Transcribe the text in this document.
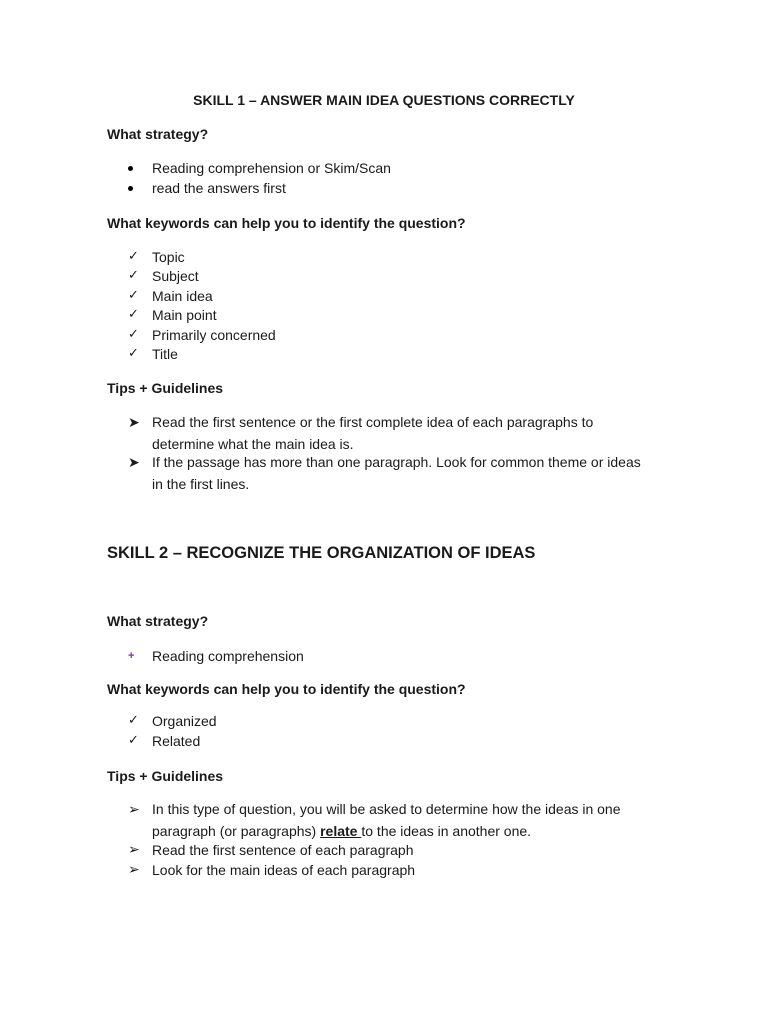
SKILL 1 – ANSWER MAIN IDEA QUESTIONS CORRECTLY
What strategy?
Reading comprehension or Skim/Scan
read the answers first
What keywords can help you to identify the question?
✓ Topic
✓ Subject
✓ Main idea
✓ Main point
✓ Primarily concerned
✓ Title
Tips + Guidelines
➤ Read the first sentence or the first complete idea of each paragraphs to determine what the main idea is.
➤ If the passage has more than one paragraph. Look for common theme or ideas in the first lines.
SKILL 2 – RECOGNIZE THE ORGANIZATION OF IDEAS
What strategy?
+ Reading comprehension
What keywords can help you to identify the question?
✓ Organized
✓ Related
Tips + Guidelines
➢ In this type of question, you will be asked to determine how the ideas in one paragraph (or paragraphs) relate to the ideas in another one.
➢ Read the first sentence of each paragraph
➢ Look for the main ideas of each paragraph
